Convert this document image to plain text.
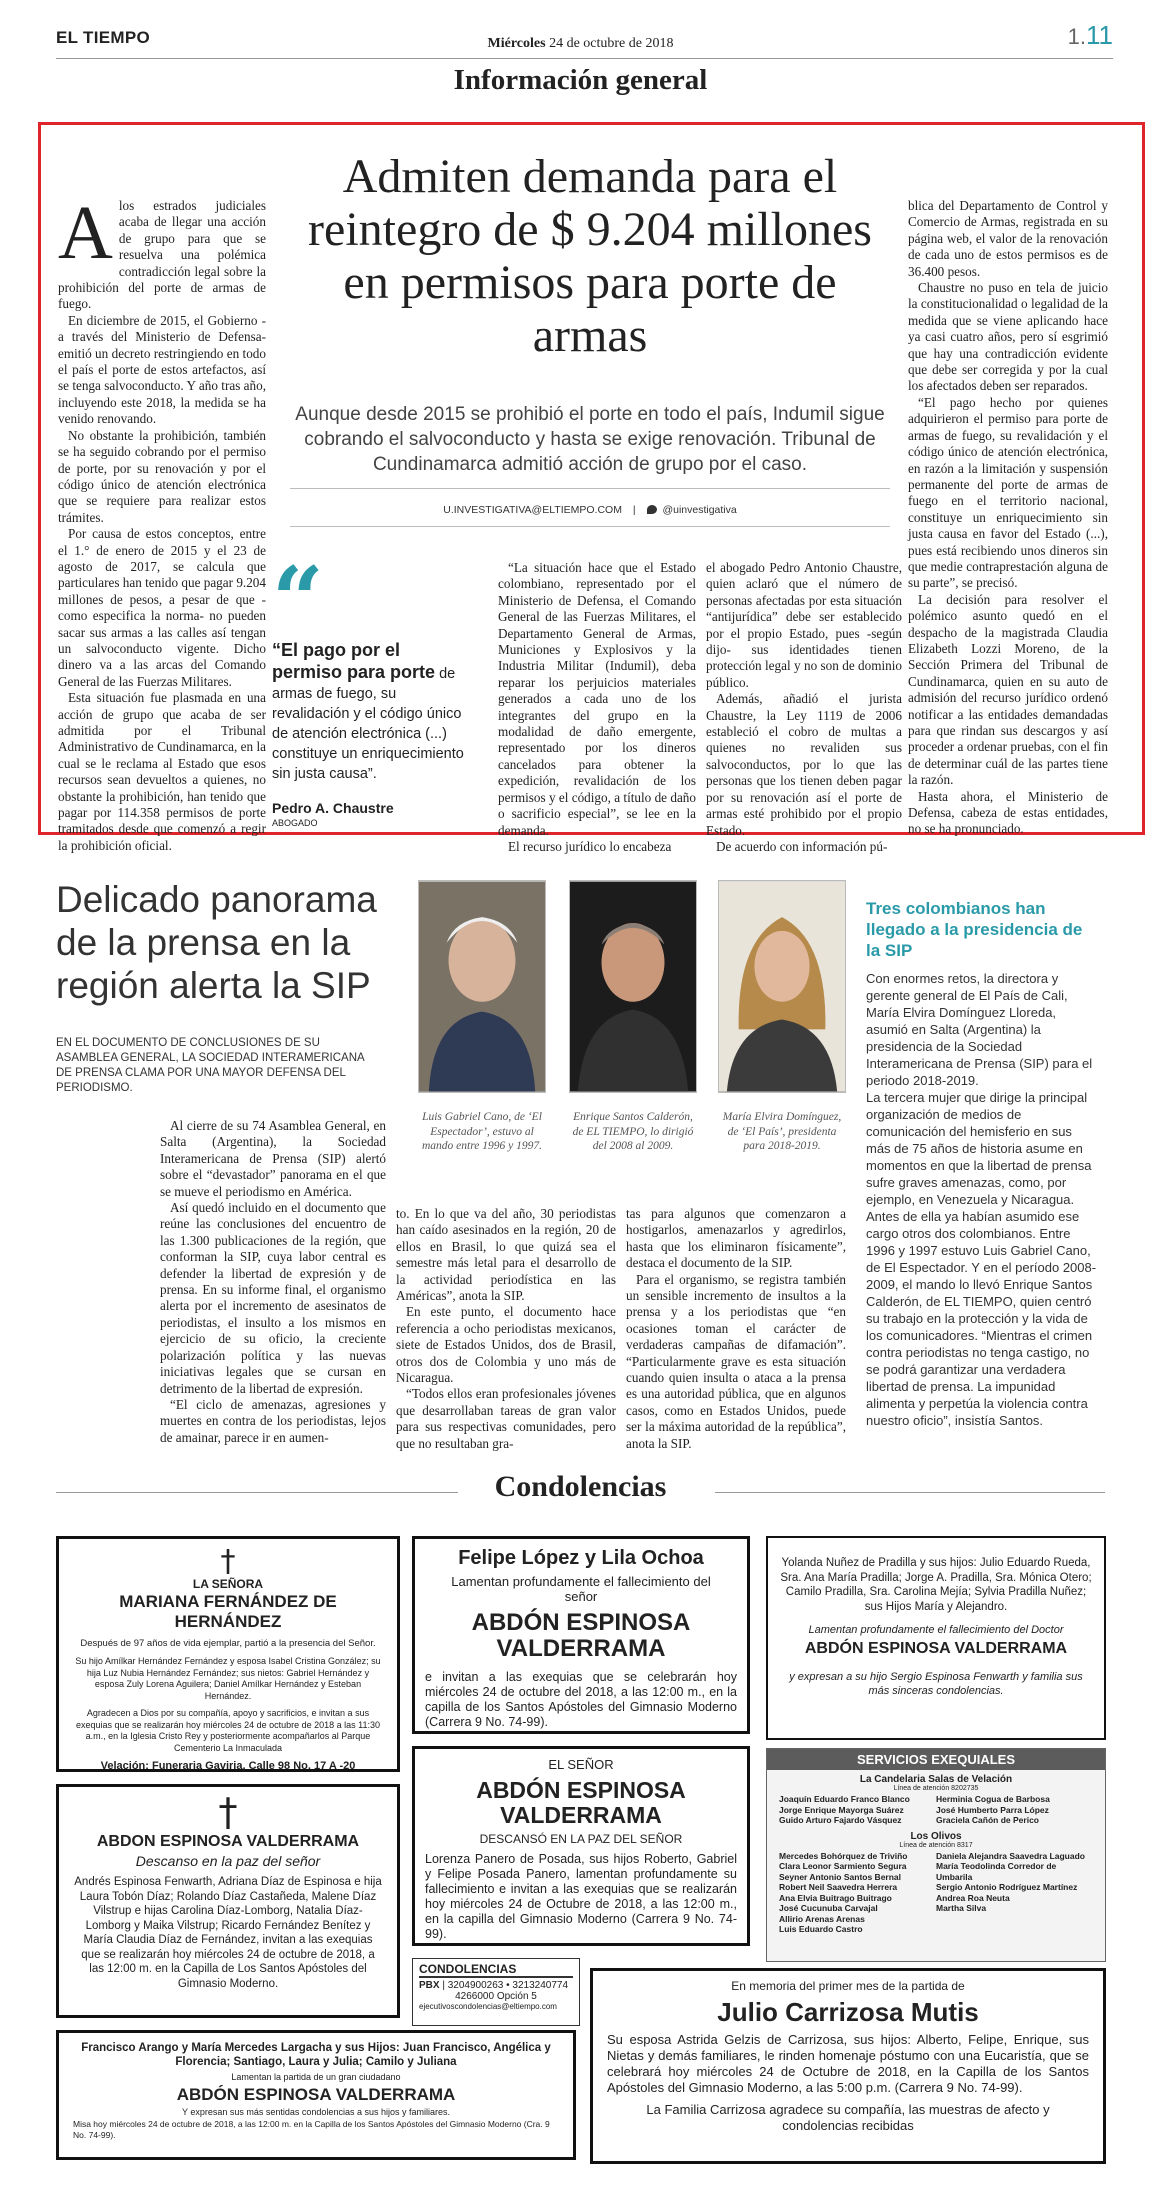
EL TIEMPO	Miércoles 24 de octubre de 2018	1.11
Información general
A los estrados judiciales acaba de llegar una acción de grupo para que se resuelva una polémica contradicción legal sobre la prohibición del porte de armas de fuego.

En diciembre de 2015, el Gobierno -a través del Ministerio de Defensa- emitió un decreto restringiendo en todo el país el porte de estos artefactos, así se tenga salvoconducto. Y año tras año, incluyendo este 2018, la medida se ha venido renovando.

No obstante la prohibición, también se ha seguido cobrando por el permiso de porte, por su renovación y por el código único de atención electrónica que se requiere para realizar estos trámites.

Por causa de estos conceptos, entre el 1.° de enero de 2015 y el 23 de agosto de 2017, se calcula que particulares han tenido que pagar 9.204 millones de pesos, a pesar de que -como especifica la norma- no pueden sacar sus armas a las calles así tengan un salvoconducto vigente. Dicho dinero va a las arcas del Comando General de las Fuerzas Militares.

Esta situación fue plasmada en una acción de grupo que acaba de ser admitida por el Tribunal Administrativo de Cundinamarca, en la cual se le reclama al Estado que esos recursos sean devueltos a quienes, no obstante la prohibición, han tenido que pagar por 114.358 permisos de porte tramitados desde que comenzó a regir la prohibición oficial.

Admiten demanda para el reintegro de $ 9.204 millones en permisos para porte de armas
Aunque desde 2015 se prohibió el porte en todo el país, Indumil sigue cobrando el salvoconducto y hasta se exige renovación. Tribunal de Cundinamarca admitió acción de grupo por el caso.
U.INVESTIGATIVA@ELTIEMPO.COM |	@uinvestigativa
“
“El pago por el permiso para porte de armas de fuego, su revalidación y el código único de atención electrónica (...) constituye un enriquecimiento sin justa causa”.
Pedro A. Chaustre
ABOGADO

“La situación hace que el Estado colombiano, representado por el Ministerio de Defensa, el Comando General de las Fuerzas Militares, el Departamento General de Armas, Municiones y Explosivos y la Industria Militar (Indumil), deba reparar los perjuicios materiales generados a cada uno de los integrantes del grupo en la modalidad de daño emergente, representado por los dineros cancelados para obtener la expedición, revalidación de los permisos y el código, a título de daño o sacrificio especial”, se lee en la demanda.

El recurso jurídico lo encabeza

el abogado Pedro Antonio Chaustre, quien aclaró que el número de personas afectadas por esta situación “antijurídica” debe ser establecido por el propio Estado, pues -según dijo- sus identidades tienen protección legal y no son de dominio público.

Además, añadió el jurista Chaustre, la Ley 1119 de 2006 estableció el cobro de multas a quienes no revaliden sus salvoconductos, por lo que las personas que los tienen deben pagar por su renovación así el porte de armas esté prohibido por el propio Estado.

De acuerdo con información pú-

blica del Departamento de Control y Comercio de Armas, registrada en su página web, el valor de la renovación de cada uno de estos permisos es de 36.400 pesos.

Chaustre no puso en tela de juicio la constitucionalidad o legalidad de la medida que se viene aplicando hace ya casi cuatro años, pero sí esgrimió que hay una contradicción evidente que debe ser corregida y por la cual los afectados deben ser reparados.

“El pago hecho por quienes adquirieron el permiso para porte de armas de fuego, su revalidación y el código único de atención electrónica, en razón a la limitación y suspensión permanente del porte de armas de fuego en el territorio nacional, constituye un enriquecimiento sin justa causa en favor del Estado (...), pues está recibiendo unos dineros sin que medie contraprestación alguna de su parte”, se precisó.

La decisión para resolver el polémico asunto quedó en el despacho de la magistrada Claudia Elizabeth Lozzi Moreno, de la Sección Primera del Tribunal de Cundinamarca, quien en su auto de admisión del recurso jurídico ordenó notificar a las entidades demandadas para que rindan sus descargos y así proceder a ordenar pruebas, con el fin de determinar cuál de las partes tiene la razón.

Hasta ahora, el Ministerio de Defensa, cabeza de estas entidades, no se ha pronunciado.

Delicado panorama de la prensa en la región alerta la SIP
EN EL DOCUMENTO DE CONCLUSIONES DE SU ASAMBLEA GENERAL, LA SOCIEDAD INTERAMERICANA DE PRENSA CLAMA POR UNA MAYOR DEFENSA DEL PERIODISMO.
Luis Gabriel Cano, de ‘El Espectador’, estuvo al mando entre 1996 y 1997.
Enrique Santos Calderón, de EL TIEMPO, lo dirigió del 2008 al 2009.
María Elvira Domínguez, de ‘El País’, presidenta para 2018-2019.

Al cierre de su 74 Asamblea General, en Salta (Argentina), la Sociedad Interamericana de Prensa (SIP) alertó sobre el “devastador” panorama en el que se mueve el periodismo en América.

Así quedó incluido en el documento que reúne las conclusiones del encuentro de las 1.300 publicaciones de la región, que conforman la SIP, cuya labor central es defender la libertad de expresión y de prensa. En su informe final, el organismo alerta por el incremento de asesinatos de periodistas, el insulto a los mismos en ejercicio de su oficio, la creciente polarización política y las nuevas iniciativas legales que se cursan en detrimento de la libertad de expresión.

“El ciclo de amenazas, agresiones y muertes en contra de los periodistas, lejos de amainar, parece ir en aumen-

to. En lo que va del año, 30 periodistas han caído asesinados en la región, 20 de ellos en Brasil, lo que quizá sea el semestre más letal para el desarrollo de la actividad periodística en las Américas”, anota la SIP.

En este punto, el documento hace referencia a ocho periodistas mexicanos, siete de Estados Unidos, dos de Brasil, otros dos de Colombia y uno más de Nicaragua.

“Todos ellos eran profesionales jóvenes que desarrollaban tareas de gran valor para sus respectivas comunidades, pero que no resultaban gra-

tas para algunos que comenzaron a hostigarlos, amenazarlos y agredirlos, hasta que los eliminaron físicamente”, destaca el documento de la SIP.

Para el organismo, se registra también un sensible incremento de insultos a la prensa y a los periodistas que “en ocasiones toman el carácter de verdaderas campañas de difamación”. “Particularmente grave es esta situación cuando quien insulta o ataca a la prensa es una autoridad pública, que en algunos casos, como en Estados Unidos, puede ser la máxima autoridad de la república”, anota la SIP.

Tres colombianos han llegado a la presidencia de la SIP

Con enormes retos, la directora y gerente general de El País de Cali, María Elvira Domínguez Lloreda, asumió en Salta (Argentina) la presidencia de la Sociedad Interamericana de Prensa (SIP) para el periodo 2018-2019.

La tercera mujer que dirige la principal organización de medios de comunicación del hemisferio en sus más de 75 años de historia asume en momentos en que la libertad de prensa sufre graves amenazas, como, por ejemplo, en Venezuela y Nicaragua.

Antes de ella ya habían asumido ese cargo otros dos colombianos. Entre 1996 y 1997 estuvo Luis Gabriel Cano, de El Espectador. Y en el período 2008-2009, el mando lo llevó Enrique Santos Calderón, de EL TIEMPO, quien centró su trabajo en la protección y la vida de los comunicadores. “Mientras el crimen contra periodistas no tenga castigo, no se podrá garantizar una verdadera libertad de prensa. La impunidad alimenta y perpetúa la violencia contra nuestro oficio”, insistía Santos.

Condolencias
†
LA SEÑORA
MARIANA FERNÁNDEZ DE HERNÁNDEZ
Después de 97 años de vida ejemplar, partió a la presencia del Señor.
Su hijo Amílkar Hernández Fernández y esposa Isabel Cristina González; su hija Luz Nubia Hernández Fernández; sus nietos: Gabriel Hernández y esposa Zuly Lorena Aguilera; Daniel Amílkar Hernández y Esteban Hernández.
Agradecen a Dios por su compañía, apoyo y sacrificios, e invitan a sus exequias que se realizarán hoy miércoles 24 de octubre de 2018 a las 11:30 a.m., en la Iglesia Cristo Rey y posteriormente acompañarlos al Parque Cementerio La Inmaculada
Velación: Funeraria Gaviria, Calle 98 No. 17 A -20
Felipe López y Lila Ochoa
Lamentan profundamente el fallecimiento del señor
ABDÓN ESPINOSA VALDERRAMA
e invitan a las exequias que se celebrarán hoy miércoles 24 de octubre del 2018, a las 12:00 m., en la capilla de los Santos Apóstoles del Gimnasio Moderno (Carrera 9 No. 74-99).
Yolanda Nuñez de Pradilla y sus hijos: Julio Eduardo Rueda, Sra. Ana María Pradilla; Jorge A. Pradilla, Sra. Mónica Otero; Camilo Pradilla, Sra. Carolina Mejía; Sylvia Pradilla Nuñez; sus Hijos María y Alejandro.
Lamentan profundamente el fallecimiento del Doctor
ABDÓN ESPINOSA VALDERRAMA
y expresan a su hijo Sergio Espinosa Fenwarth y familia sus más sinceras condolencias.
†
ABDON ESPINOSA VALDERRAMA
Descanso en la paz del señor
Andrés Espinosa Fenwarth, Adriana Díaz de Espinosa e hija Laura Tobón Díaz; Rolando Díaz Castañeda, Malene Díaz Vilstrup e hijas Carolina Díaz-Lomborg, Natalia Díaz-Lomborg y Maika Vilstrup; Ricardo Fernández Benítez y María Claudia Díaz de Fernández, invitan a las exequias que se realizarán hoy miércoles 24 de octubre de 2018, a las 12:00 m. en la Capilla de Los Santos Apóstoles del Gimnasio Moderno.
EL SEÑOR
ABDÓN ESPINOSA VALDERRAMA
DESCANSÓ EN LA PAZ DEL SEÑOR
Lorenza Panero de Posada, sus hijos Roberto, Gabriel y Felipe Posada Panero, lamentan profundamente su fallecimiento e invitan a las exequias que se realizarán hoy miércoles 24 de Octubre de 2018, a las 12:00 m., en la capilla del Gimnasio Moderno (Carrera 9 No. 74-99).
SERVICIOS EXEQUIALES
La Candelaria Salas de Velación
Línea de atención 8202735
Joaquín Eduardo Franco Blanco
Jorge Enrique Mayorga Suárez
Guido Arturo Fajardo Vásquez
Herminia Cogua de Barbosa
José Humberto Parra López
Graciela Cañón de Perico
Los Olivos
Línea de atención 8317
Mercedes Bohórquez de Triviño
Clara Leonor Sarmiento Segura
Seyner Antonio Santos Bernal
Robert Neil Saavedra Herrera
Ana Elvia Buitrago Buitrago
José Cucunuba Carvajal
Allirio Arenas Arenas
Luis Eduardo Castro
Daniela Alejandra Saavedra Laguado
María Teodolinda Corredor de Umbarila
Sergio Antonio Rodríguez Martínez
Andrea Roa Neuta
Martha Silva
CONDOLENCIAS
PBX | 3204900263 • 3213240774
4266000 Opción 5
ejecutivoscondolencias@eltiempo.com
Francisco Arango y María Mercedes Largacha y sus Hijos: Juan Francisco, Angélica y Florencia; Santiago, Laura y Julia; Camilo y Juliana
Lamentan la partida de un gran ciudadano
ABDÓN ESPINOSA VALDERRAMA
Y expresan sus más sentidas condolencias a sus hijos y familiares.
Misa hoy miércoles 24 de octubre de 2018, a las 12:00 m. en la Capilla de los Santos Apóstoles del Gimnasio Moderno (Cra. 9 No. 74-99).
En memoria del primer mes de la partida de
Julio Carrizosa Mutis
Su esposa Astrida Gelzis de Carrizosa, sus hijos: Alberto, Felipe, Enrique, sus Nietas y demás familiares, le rinden homenaje póstumo con una Eucaristía, que se celebrará hoy miércoles 24 de Octubre de 2018, en la Capilla de los Santos Apóstoles del Gimnasio Moderno, a las 5:00 p.m. (Carrera 9 No. 74-99).
La Familia Carrizosa agradece su compañía, las muestras de afecto y condolencias recibidas
